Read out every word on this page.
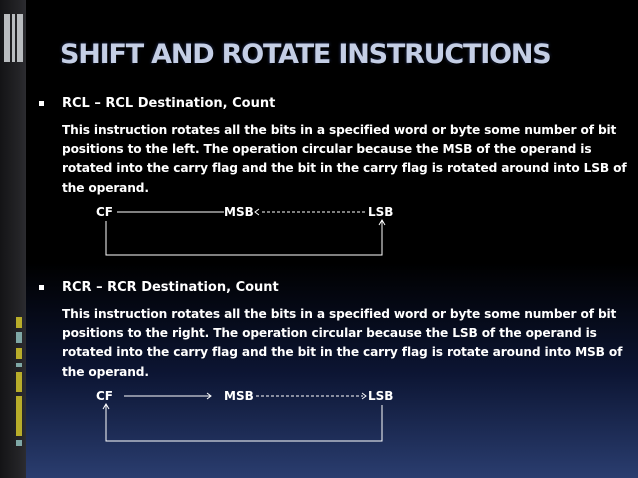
SHIFT AND ROTATE INSTRUCTIONS
RCL – RCL Destination, Count
This instruction rotates all the bits in a specified word or byte some number of bit positions to the left. The operation circular because the MSB of the operand is rotated into the carry flag and the bit in the carry flag is rotated around into LSB of the operand.
CF	MSB	LSB
RCR – RCR Destination, Count
This instruction rotates all the bits in a specified word or byte some number of bit positions to the right. The operation circular because the LSB of the operand is rotated into the carry flag and the bit in the carry flag is rotate around into MSB of the operand.
CF	MSB	LSB
